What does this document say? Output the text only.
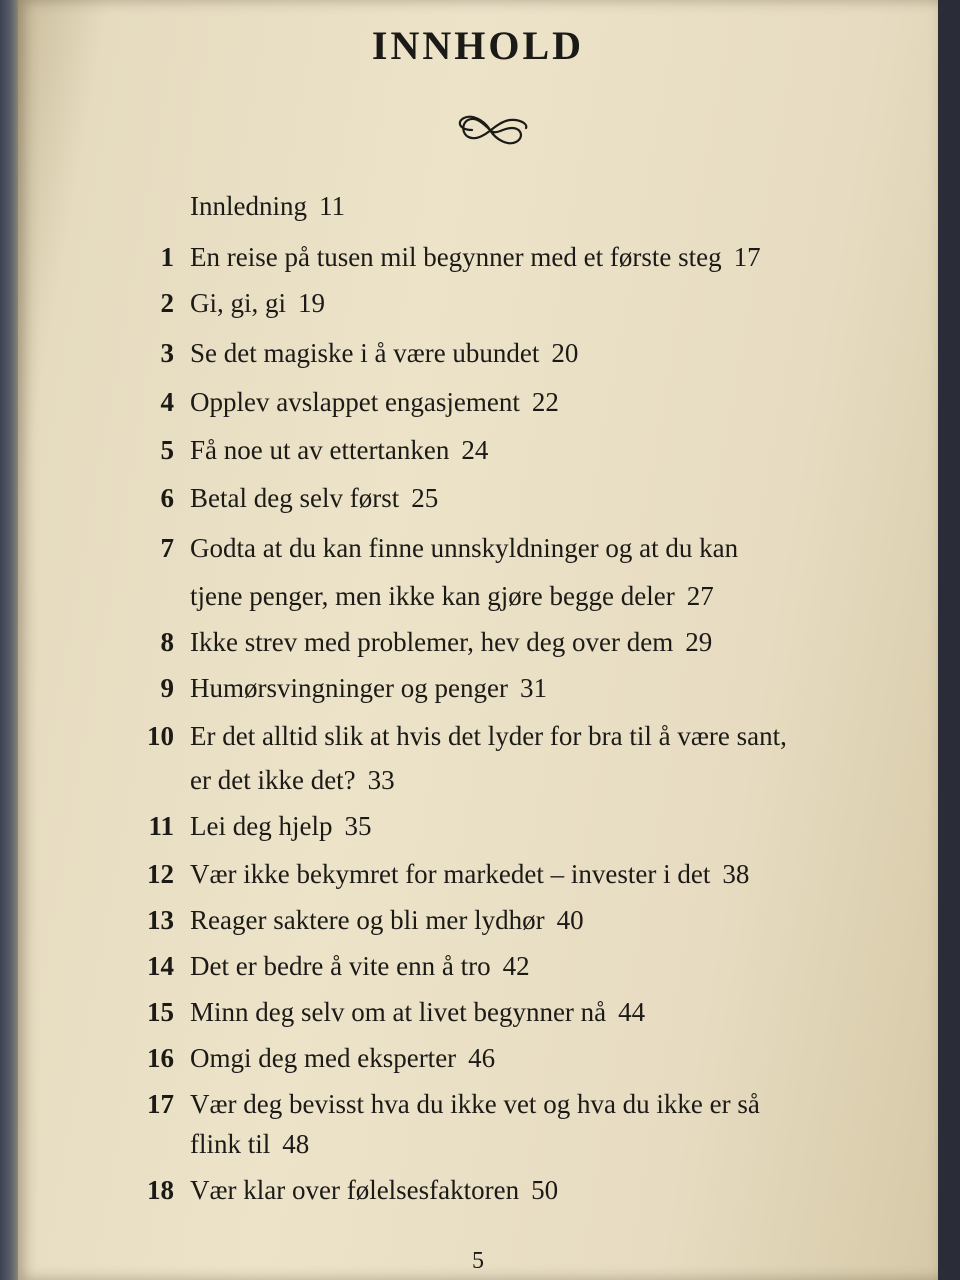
INNHOLD
Innledning 11
1 En reise på tusen mil begynner med et første steg 17
2 Gi, gi, gi 19
3 Se det magiske i å være ubundet 20
4 Opplev avslappet engasjement 22
5 Få noe ut av ettertanken 24
6 Betal deg selv først 25
7 Godta at du kan finne unnskyldninger og at du kan
tjene penger, men ikke kan gjøre begge deler 27
8 Ikke strev med problemer, hev deg over dem 29
9 Humørsvingninger og penger 31
10 Er det alltid slik at hvis det lyder for bra til å være sant,
er det ikke det? 33
11 Lei deg hjelp 35
12 Vær ikke bekymret for markedet – invester i det 38
13 Reager saktere og bli mer lydhør 40
14 Det er bedre å vite enn å tro 42
15 Minn deg selv om at livet begynner nå 44
16 Omgi deg med eksperter 46
17 Vær deg bevisst hva du ikke vet og hva du ikke er så
flink til 48
18 Vær klar over følelsesfaktoren 50
5
